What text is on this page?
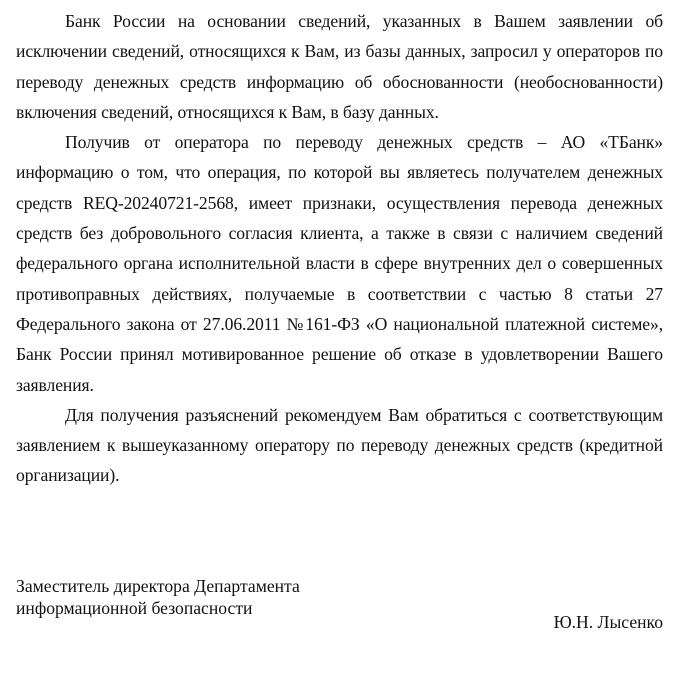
Банк России на основании сведений, указанных в Вашем заявлении об исключении сведений, относящихся к Вам, из базы данных, запросил у операторов по переводу денежных средств информацию об обоснованности (необоснованности) включения сведений, относящихся к Вам, в базу данных.

Получив от оператора по переводу денежных средств – АО «ТБанк» информацию о том, что операция, по которой вы являетесь получателем денежных средств REQ-20240721-2568, имеет признаки, осуществления перевода денежных средств без добровольного согласия клиента, а также в связи с наличием сведений федерального органа исполнительной власти в сфере внутренних дел о совершенных противоправных действиях, получаемые в соответствии с частью 8 статьи 27 Федерального закона от 27.06.2011 №161-ФЗ «О национальной платежной системе», Банк России принял мотивированное решение об отказе в удовлетворении Вашего заявления.

Для получения разъяснений рекомендуем Вам обратиться с соответствующим заявлением к вышеуказанному оператору по переводу денежных средств (кредитной организации).

Заместитель директора Департамента
информационной безопасности
Ю.Н. Лысенко
